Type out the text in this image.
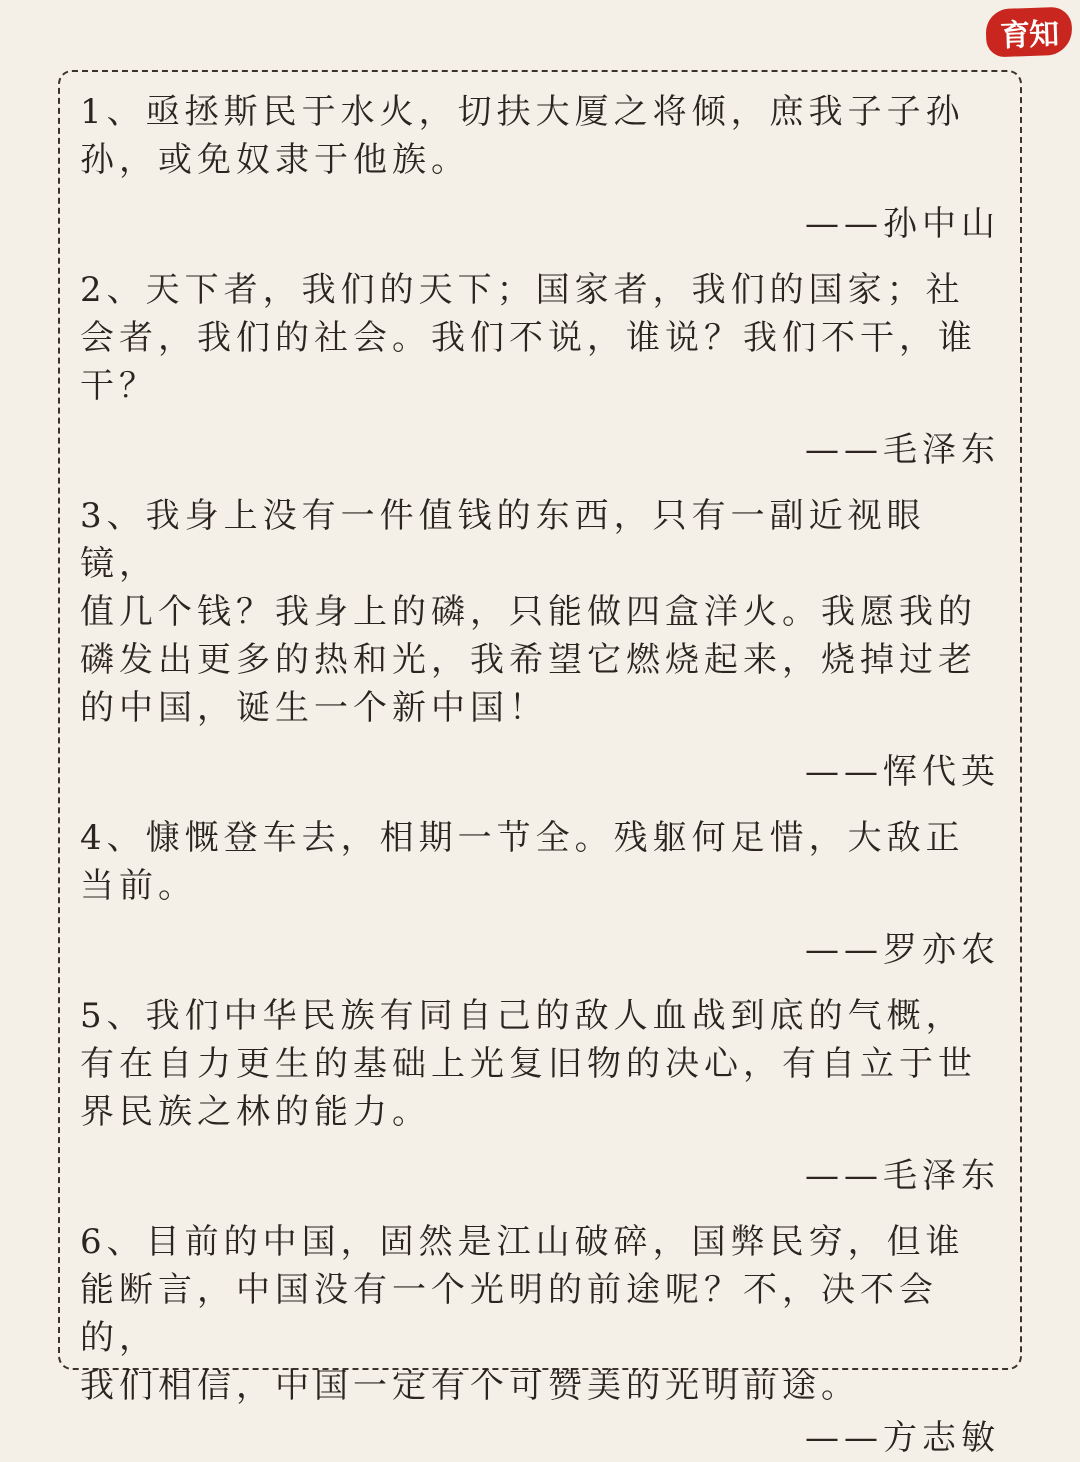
育知

1、亟拯斯民于水火，切扶大厦之将倾，庶我子子孙
孙，或免奴隶于他族。

——孙中山

2、天下者，我们的天下；国家者，我们的国家；社
会者，我们的社会。我们不说，谁说？我们不干，谁
干？

——毛泽东

3、我身上没有一件值钱的东西，只有一副近视眼镜，
值几个钱？我身上的磷，只能做四盒洋火。我愿我的
磷发出更多的热和光，我希望它燃烧起来，烧掉过老
的中国，诞生一个新中国！

——恽代英

4、慷慨登车去，相期一节全。残躯何足惜，大敌正
当前。

——罗亦农

5、我们中华民族有同自己的敌人血战到底的气概，
有在自力更生的基础上光复旧物的决心，有自立于世
界民族之林的能力。

——毛泽东

6、目前的中国，固然是江山破碎，国弊民穷，但谁
能断言，中国没有一个光明的前途呢？不，决不会的，
我们相信，中国一定有个可赞美的光明前途。

——方志敏
